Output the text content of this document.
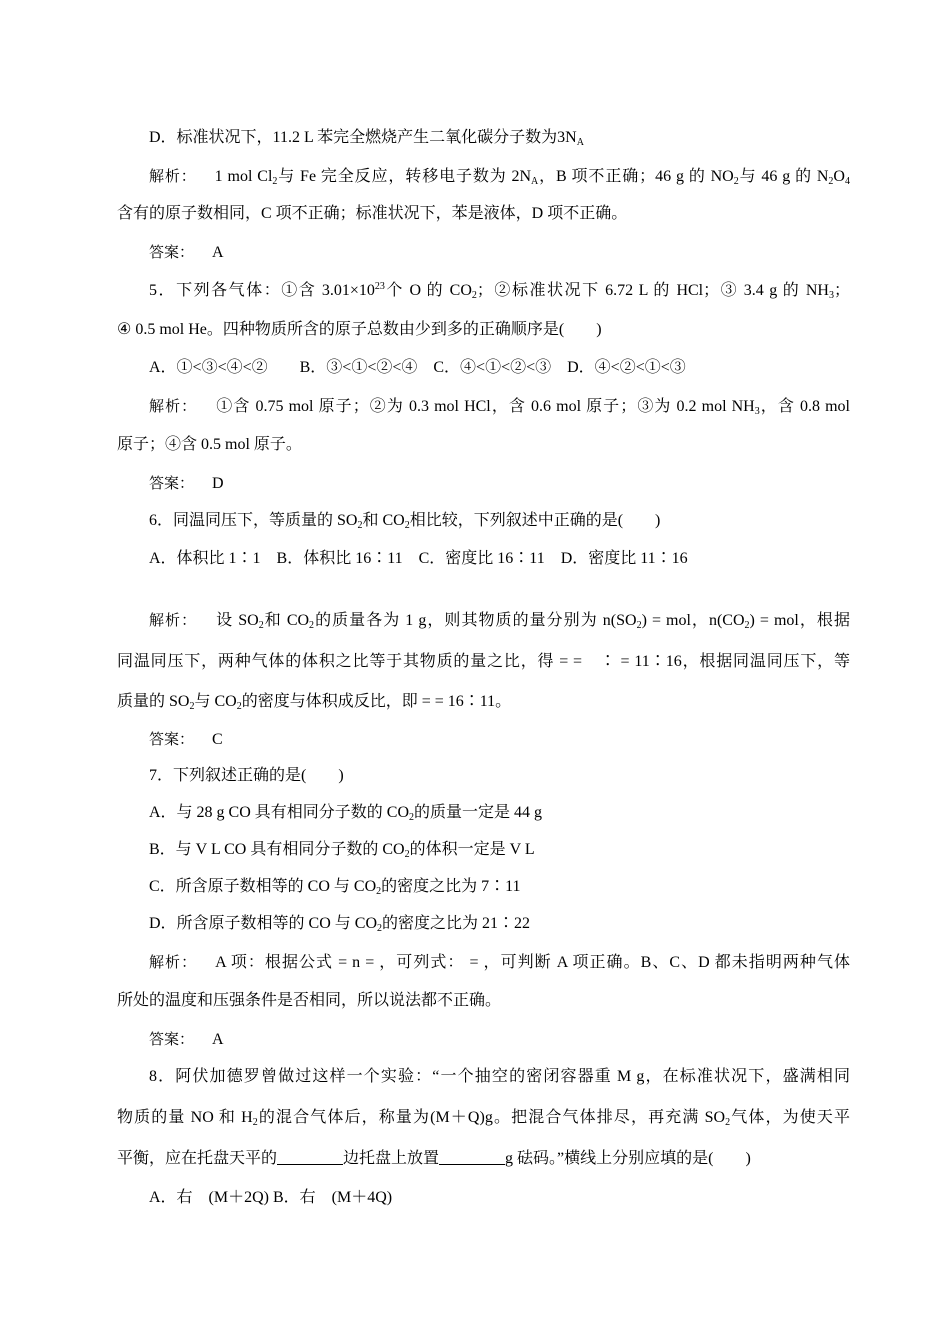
D．标准状况下，11.2 L 苯完全燃烧产生二氧化碳分子数为$3N_A$
解析： 1 mol $Cl_2$与 Fe 完全反应，转移电子数为 $2N_A$，B 项不正确；46 g 的 $NO_2$与 46 g 的 $N_2O_4$
含有的原子数相同，C 项不正确；标准状况下，苯是液体，D 项不正确。
答案： A
5．下列各气体：①含 $3.01\times 10^{23}$个 O 的 $CO_2$；②标准状况下 6.72 L 的 HCl；③ 3.4 g 的 $NH_3$；
④ 0.5 mol He。四种物质所含的原子总数由少到多的正确顺序是(　　)
A．①<③<④<②　　B．③<①<②<④　C．④<①<②<③　D．④<②<①<③
解析： ①含 0.75 mol 原子；②为 0.3 mol HCl，含 0.6 mol 原子；③为 0.2 mol $NH_3$，含 0.8 mol
原子；④含 0.5 mol 原子。
答案： D
6．同温同压下，等质量的 $SO_2$和 $CO_2$相比较，下列叙述中正确的是(　　)
A．体积比 1∶1　B．体积比 16∶11　C．密度比 16∶11　D．密度比 11∶16
解析： 设 $SO_2$和 $CO_2$的质量各为 1 g，则其物质的量分别为 $n(SO_2)$ = mol，$n(CO_2)$ = mol，根据
同温同压下，两种气体的体积之比等于其物质的量之比，得 = =　∶ = 11∶16，根据同温同压下，等
质量的 $SO_2$与 $CO_2$的密度与体积成反比，即 = = 16∶11。
答案： C
7．下列叙述正确的是(　　)
A．与 28 g CO 具有相同分子数的 $CO_2$的质量一定是 44 g
B．与 V L CO 具有相同分子数的 $CO_2$的体积一定是 V L
C．所含原子数相等的 CO 与 $CO_2$的密度之比为 7∶11
D．所含原子数相等的 CO 与 $CO_2$的密度之比为 21∶22
解析： A 项：根据公式 = n = ，可列式： = ，可判断 A 项正确。B、C、D 都未指明两种气体
所处的温度和压强条件是否相同，所以说法都不正确。
答案： A
8．阿伏加德罗曾做过这样一个实验：“一个抽空的密闭容器重 M g，在标准状况下，盛满相同
物质的量 NO 和 $H_2$的混合气体后，称量为(M＋Q)g。把混合气体排尽，再充满 $SO_2$气体，为使天平
平衡，应在托盘天平的	边托盘上放置	g 砝码。”横线上分别应填的是(　　)
A．右　(M＋2Q) B．右　(M＋4Q)
